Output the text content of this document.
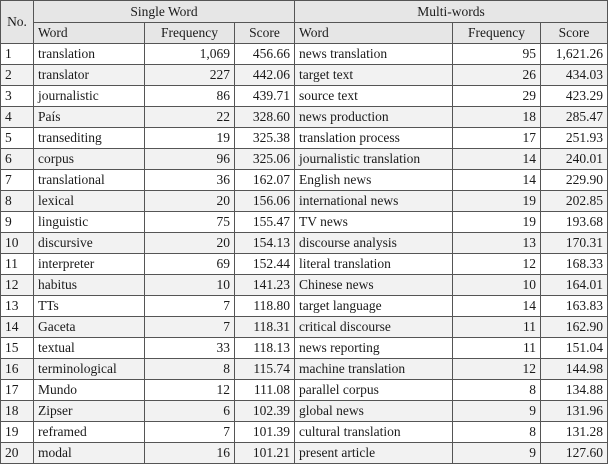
No.	Single Word			Multi-words		
	Word	Frequency	Score	Word	Frequency	Score
1	translation	1,069	456.66	news translation	95	1,621.26
2	translator	227	442.06	target text	26	434.03
3	journalistic	86	439.71	source text	29	423.29
4	País	22	328.60	news production	18	285.47
5	transediting	19	325.38	translation process	17	251.93
6	corpus	96	325.06	journalistic translation	14	240.01
7	translational	36	162.07	English news	14	229.90
8	lexical	20	156.06	international news	19	202.85
9	linguistic	75	155.47	TV news	19	193.68
10	discursive	20	154.13	discourse analysis	13	170.31
11	interpreter	69	152.44	literal translation	12	168.33
12	habitus	10	141.23	Chinese news	10	164.01
13	TTs	7	118.80	target language	14	163.83
14	Gaceta	7	118.31	critical discourse	11	162.90
15	textual	33	118.13	news reporting	11	151.04
16	terminological	8	115.74	machine translation	12	144.98
17	Mundo	12	111.08	parallel corpus	8	134.88
18	Zipser	6	102.39	global news	9	131.96
19	reframed	7	101.39	cultural translation	8	131.28
20	modal	16	101.21	present article	9	127.60
